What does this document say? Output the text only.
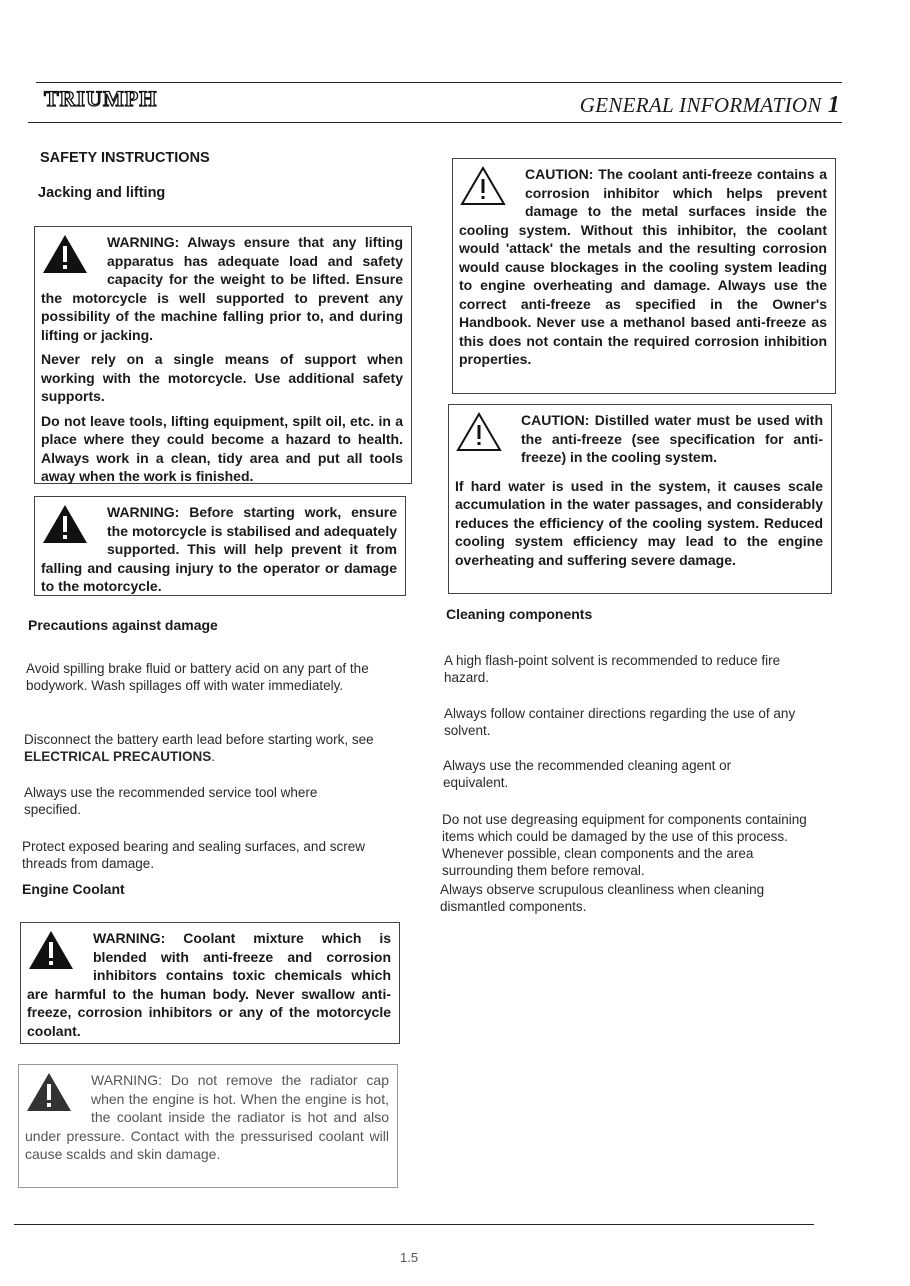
TRIUMPH	GENERAL INFORMATION 1
SAFETY INSTRUCTIONS
Jacking and lifting

WARNING: Always ensure that any lifting apparatus has adequate load and safety capacity for the weight to be lifted. Ensure the motorcycle is well supported to prevent any possibility of the machine falling prior to, and during lifting or jacking.

Never rely on a single means of support when working with the motorcycle. Use additional safety supports.

Do not leave tools, lifting equipment, spilt oil, etc. in a place where they could become a hazard to health. Always work in a clean, tidy area and put all tools away when the work is finished.

WARNING: Before starting work, ensure the motorcycle is stabilised and adequately supported. This will help prevent it from falling and causing injury to the operator or damage to the motorcycle.

Precautions against damage
Avoid spilling brake fluid or battery acid on any part of the bodywork. Wash spillages off with water immediately.
Disconnect the battery earth lead before starting work, see ELECTRICAL PRECAUTIONS.
Always use the recommended service tool where specified.
Protect exposed bearing and sealing surfaces, and screw threads from damage.
Engine Coolant

WARNING: Coolant mixture which is blended with anti-freeze and corrosion inhibitors contains toxic chemicals which are harmful to the human body. Never swallow anti-freeze, corrosion inhibitors or any of the motorcycle coolant.

WARNING: Do not remove the radiator cap when the engine is hot. When the engine is hot, the coolant inside the radiator is hot and also under pressure. Contact with the pressurised coolant will cause scalds and skin damage.

CAUTION: The coolant anti-freeze contains a corrosion inhibitor which helps prevent damage to the metal surfaces inside the cooling system. Without this inhibitor, the coolant would 'attack' the metals and the resulting corrosion would cause blockages in the cooling system leading to engine overheating and damage. Always use the correct anti-freeze as specified in the Owner's Handbook. Never use a methanol based anti-freeze as this does not contain the required corrosion inhibition properties.

CAUTION: Distilled water must be used with the anti-freeze (see specification for anti-freeze) in the cooling system.

If hard water is used in the system, it causes scale accumulation in the water passages, and considerably reduces the efficiency of the cooling system. Reduced cooling system efficiency may lead to the engine overheating and suffering severe damage.

Cleaning components
A high flash-point solvent is recommended to reduce fire hazard.
Always follow container directions regarding the use of any solvent.
Always use the recommended cleaning agent or equivalent.
Do not use degreasing equipment for components containing items which could be damaged by the use of this process. Whenever possible, clean components and the area surrounding them before removal.
Always observe scrupulous cleanliness when cleaning dismantled components.
1.5
